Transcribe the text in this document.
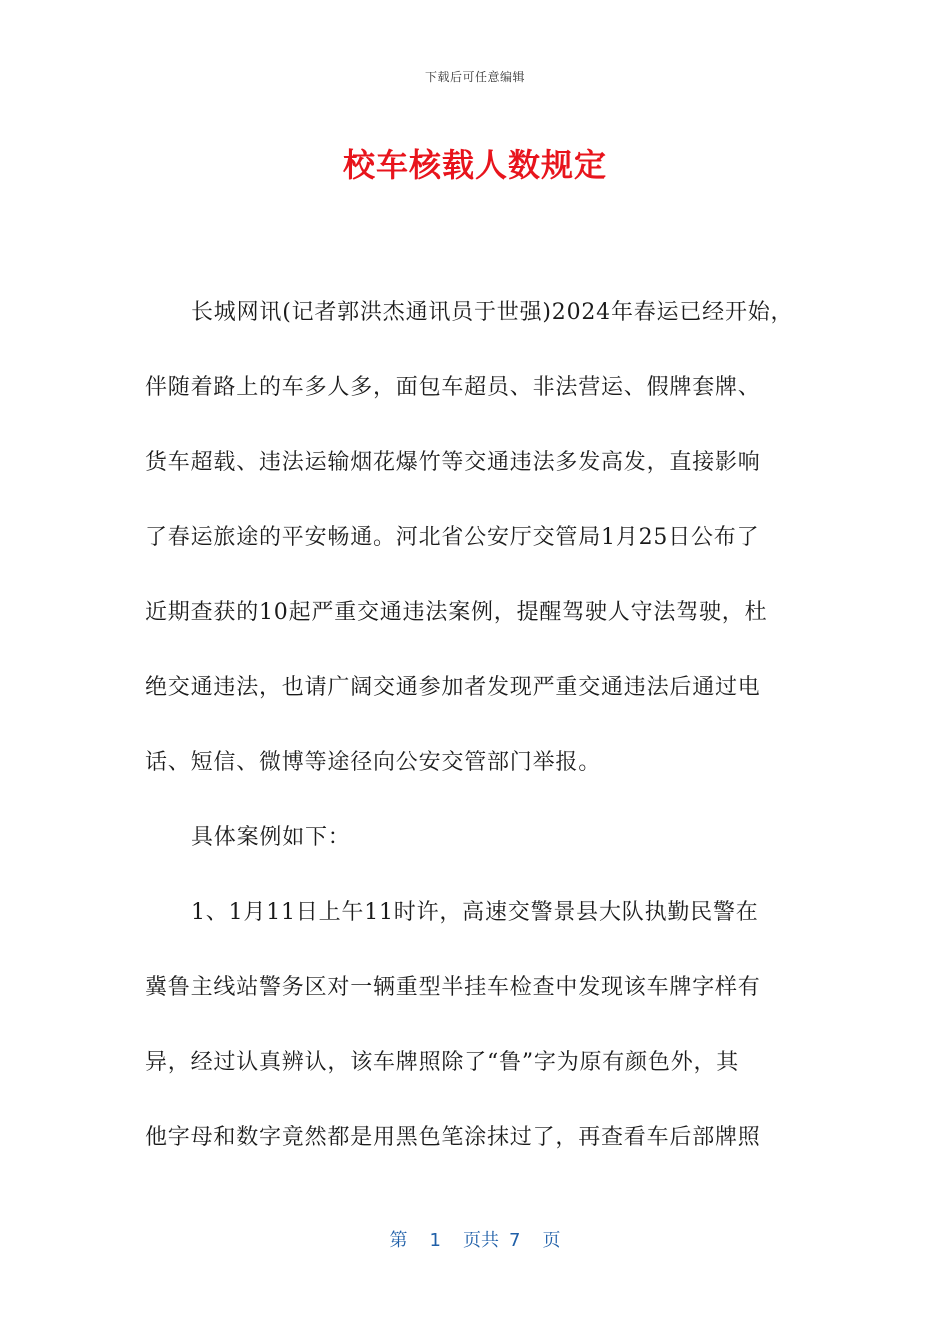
下载后可任意编辑
校车核载人数规定
长城网讯(记者郭洪杰通讯员于世强)2024年春运已经开始，
伴随着路上的车多人多，面包车超员、非法营运、假牌套牌、
货车超载、违法运输烟花爆竹等交通违法多发高发，直接影响
了春运旅途的平安畅通。河北省公安厅交管局1月25日公布了
近期查获的10起严重交通违法案例，提醒驾驶人守法驾驶，杜
绝交通违法，也请广阔交通参加者发现严重交通违法后通过电
话、短信、微博等途径向公安交管部门举报。
具体案例如下：
1、1月11日上午11时许，高速交警景县大队执勤民警在
冀鲁主线站警务区对一辆重型半挂车检查中发现该车牌字样有
异，经过认真辨认，该车牌照除了“鲁”字为原有颜色外，其
他字母和数字竟然都是用黑色笔涂抹过了，再查看车后部牌照
第 1 页共 7 页
